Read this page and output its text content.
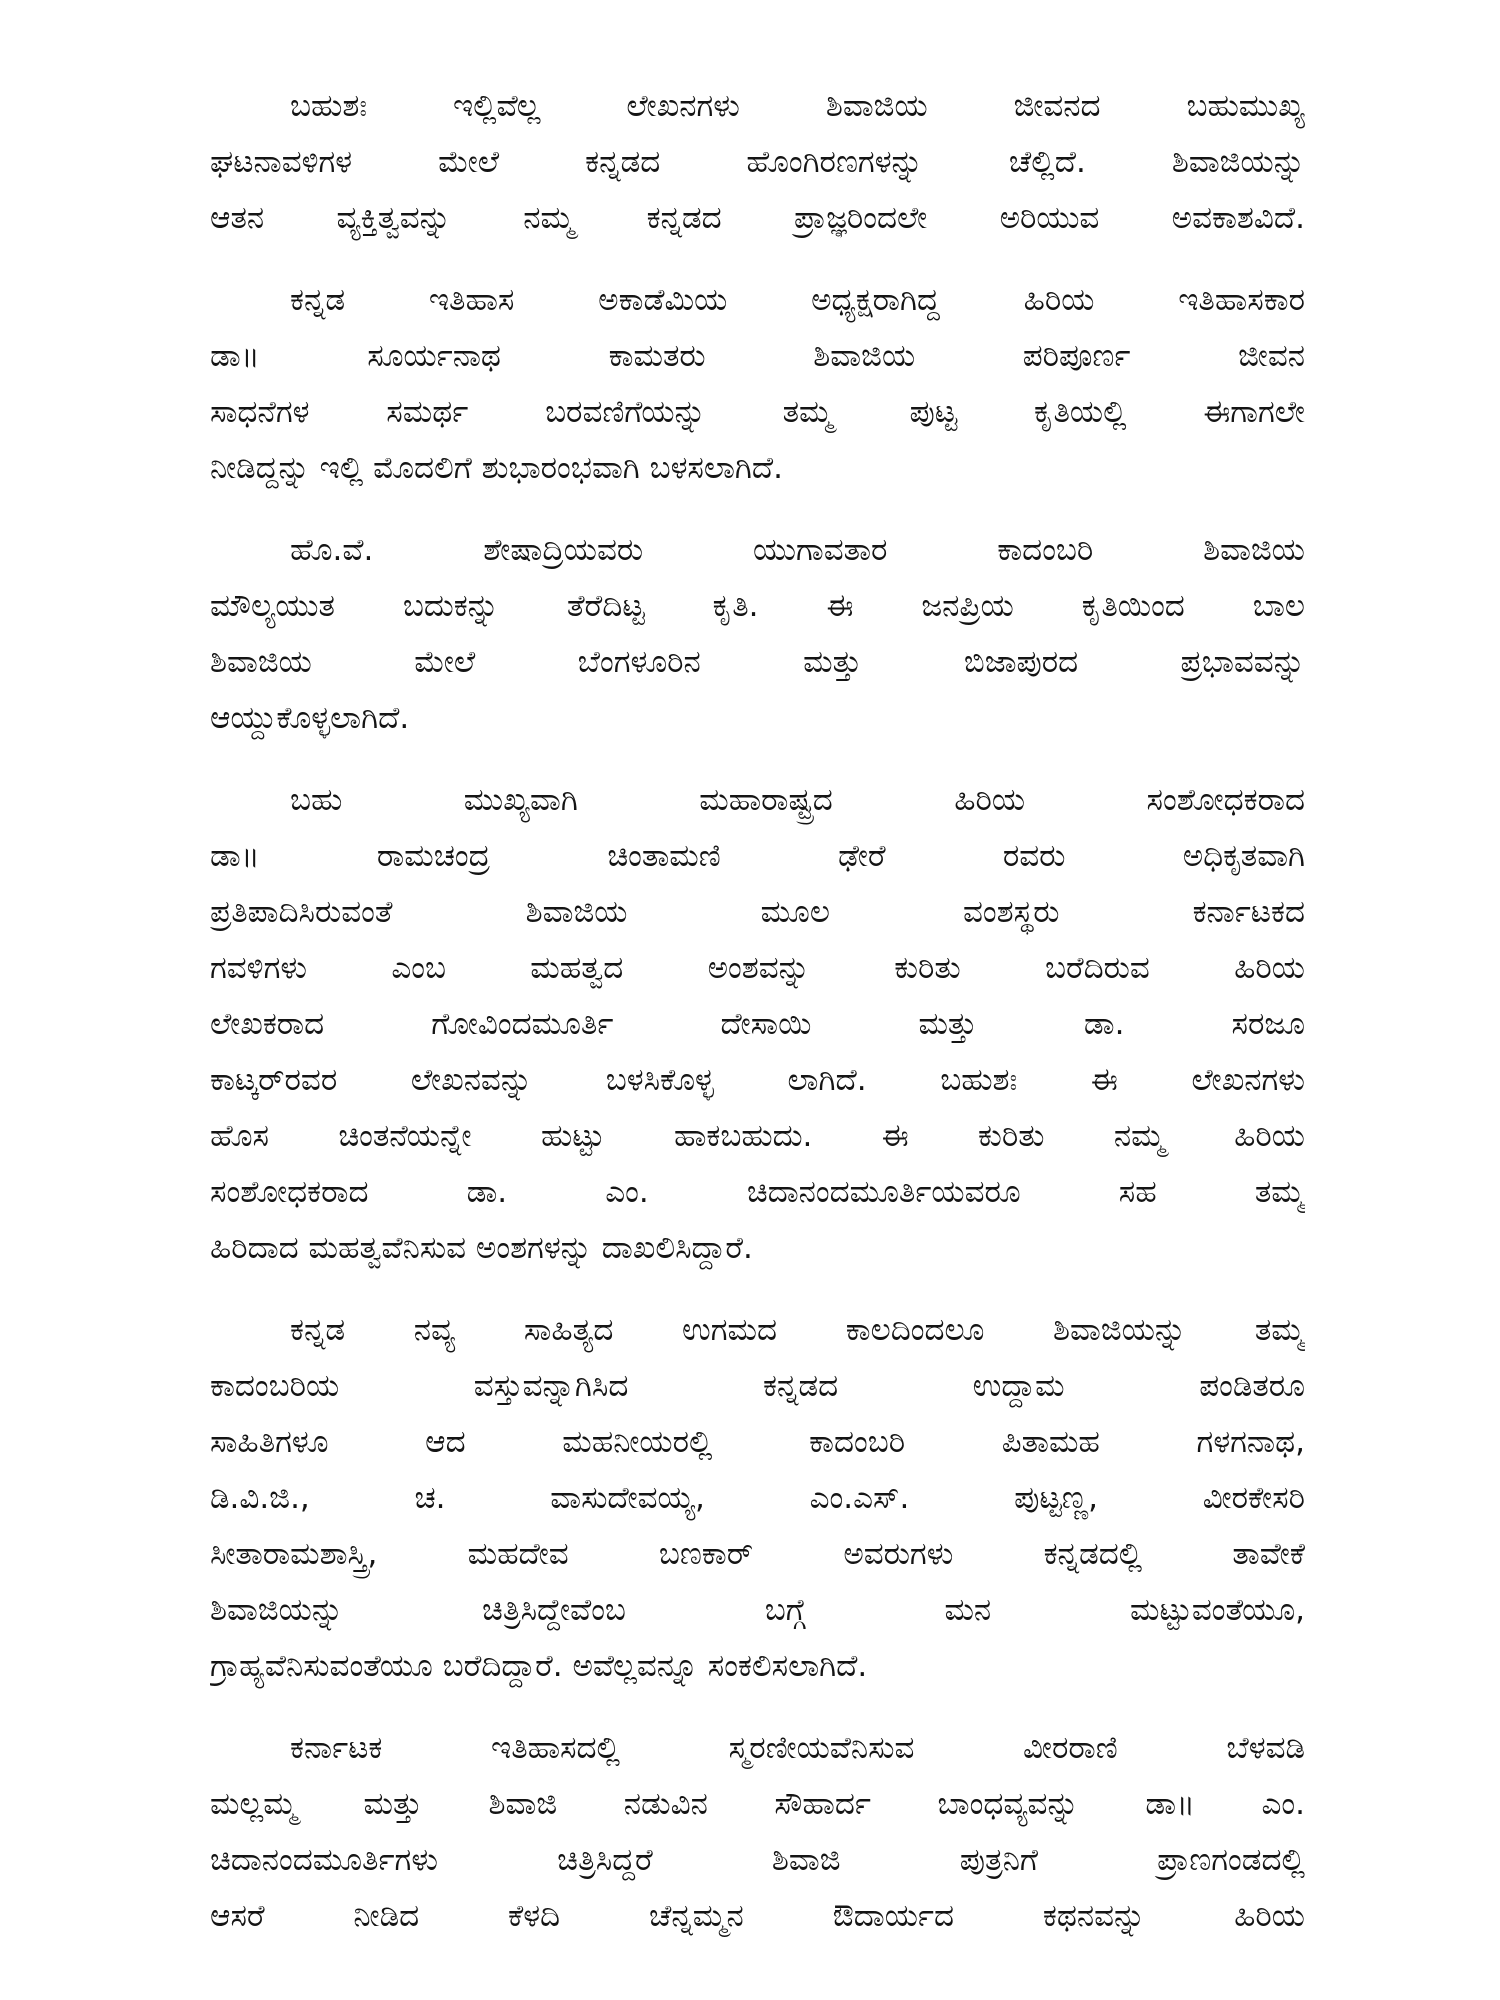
ಬಹುಶಃ ಇಲ್ಲಿವೆಲ್ಲ ಲೇಖನಗಳು ಶಿವಾಜಿಯ ಜೀವನದ ಬಹುಮುಖ್ಯ
ಘಟನಾವಳಿಗಳ ಮೇಲೆ ಕನ್ನಡದ ಹೊಂಗಿರಣಗಳನ್ನು ಚೆಲ್ಲಿದೆ. ಶಿವಾಜಿಯನ್ನು
ಆತನ ವ್ಯಕ್ತಿತ್ವವನ್ನು ನಮ್ಮ ಕನ್ನಡದ ಪ್ರಾಜ್ಞರಿಂದಲೇ ಅರಿಯುವ ಅವಕಾಶವಿದೆ.
ಕನ್ನಡ ಇತಿಹಾಸ ಅಕಾಡೆಮಿಯ ಅಧ್ಯಕ್ಷರಾಗಿದ್ದ ಹಿರಿಯ ಇತಿಹಾಸಕಾರ
ಡಾ॥ ಸೂರ್ಯನಾಥ ಕಾಮತರು ಶಿವಾಜಿಯ ಪರಿಪೂರ್ಣ ಜೀವನ
ಸಾಧನೆಗಳ ಸಮರ್ಥ ಬರವಣಿಗೆಯನ್ನು ತಮ್ಮ ಪುಟ್ಟ ಕೃತಿಯಲ್ಲಿ ಈಗಾಗಲೇ
ನೀಡಿದ್ದನ್ನು ಇಲ್ಲಿ ಮೊದಲಿಗೆ ಶುಭಾರಂಭವಾಗಿ ಬಳಸಲಾಗಿದೆ.
ಹೊ.ವೆ. ಶೇಷಾದ್ರಿಯವರು ಯುಗಾವತಾರ ಕಾದಂಬರಿ ಶಿವಾಜಿಯ
ಮೌಲ್ಯಯುತ ಬದುಕನ್ನು ತೆರೆದಿಟ್ಟ ಕೃತಿ. ಈ ಜನಪ್ರಿಯ ಕೃತಿಯಿಂದ ಬಾಲ
ಶಿವಾಜಿಯ ಮೇಲೆ ಬೆಂಗಳೂರಿನ ಮತ್ತು ಬಿಜಾಪುರದ ಪ್ರಭಾವವನ್ನು
ಆಯ್ದುಕೊಳ್ಳಲಾಗಿದೆ.
ಬಹು ಮುಖ್ಯವಾಗಿ ಮಹಾರಾಷ್ಟ್ರದ ಹಿರಿಯ ಸಂಶೋಧಕರಾದ
ಡಾ॥ ರಾಮಚಂದ್ರ ಚಿಂತಾಮಣಿ ಢೇರೆ ರವರು ಅಧಿಕೃತವಾಗಿ
ಪ್ರತಿಪಾದಿಸಿರುವಂತೆ ಶಿವಾಜಿಯ ಮೂಲ ವಂಶಸ್ಥರು ಕರ್ನಾಟಕದ
ಗವಳಿಗಳು ಎಂಬ ಮಹತ್ವದ ಅಂಶವನ್ನು ಕುರಿತು ಬರೆದಿರುವ ಹಿರಿಯ
ಲೇಖಕರಾದ ಗೋವಿಂದಮೂರ್ತಿ ದೇಸಾಯಿ ಮತ್ತು ಡಾ. ಸರಜೂ
ಕಾಟ್ಕರ್‌ರವರ ಲೇಖನವನ್ನು ಬಳಸಿಕೊಳ್ಳ ಲಾಗಿದೆ. ಬಹುಶಃ ಈ ಲೇಖನಗಳು
ಹೊಸ ಚಿಂತನೆಯನ್ನೇ ಹುಟ್ಟು ಹಾಕಬಹುದು. ಈ ಕುರಿತು ನಮ್ಮ ಹಿರಿಯ
ಸಂಶೋಧಕರಾದ ಡಾ. ಎಂ. ಚಿದಾನಂದಮೂರ್ತಿಯವರೂ ಸಹ ತಮ್ಮ
ಹಿರಿದಾದ ಮಹತ್ವವೆನಿಸುವ ಅಂಶಗಳನ್ನು ದಾಖಲಿಸಿದ್ದಾರೆ.
ಕನ್ನಡ ನವ್ಯ ಸಾಹಿತ್ಯದ ಉಗಮದ ಕಾಲದಿಂದಲೂ ಶಿವಾಜಿಯನ್ನು ತಮ್ಮ
ಕಾದಂಬರಿಯ ವಸ್ತುವನ್ನಾಗಿಸಿದ ಕನ್ನಡದ ಉದ್ದಾಮ ಪಂಡಿತರೂ
ಸಾಹಿತಿಗಳೂ ಆದ ಮಹನೀಯರಲ್ಲಿ ಕಾದಂಬರಿ ಪಿತಾಮಹ ಗಳಗನಾಥ,
ಡಿ.ವಿ.ಜಿ., ಚ. ವಾಸುದೇವಯ್ಯ, ಎಂ.ಎಸ್. ಪುಟ್ಟಣ್ಣ, ವೀರಕೇಸರಿ
ಸೀತಾರಾಮಶಾಸ್ತ್ರಿ, ಮಹದೇವ ಬಣಕಾರ್ ಅವರುಗಳು ಕನ್ನಡದಲ್ಲಿ ತಾವೇಕೆ
ಶಿವಾಜಿಯನ್ನು ಚಿತ್ರಿಸಿದ್ದೇವೆಂಬ ಬಗ್ಗೆ ಮನ ಮಟ್ಟುವಂತೆಯೂ,
ಗ್ರಾಹ್ಯವೆನಿಸುವಂತೆಯೂ ಬರೆದಿದ್ದಾರೆ. ಅವೆಲ್ಲವನ್ನೂ ಸಂಕಲಿಸಲಾಗಿದೆ.
ಕರ್ನಾಟಕ ಇತಿಹಾಸದಲ್ಲಿ ಸ್ಮರಣೀಯವೆನಿಸುವ ವೀರರಾಣಿ ಬೆಳವಡಿ
ಮಲ್ಲಮ್ಮ ಮತ್ತು ಶಿವಾಜಿ ನಡುವಿನ ಸೌಹಾರ್ದ ಬಾಂಧವ್ಯವನ್ನು ಡಾ॥ ಎಂ.
ಚಿದಾನಂದಮೂರ್ತಿಗಳು ಚಿತ್ರಿಸಿದ್ದರೆ ಶಿವಾಜಿ ಪುತ್ರನಿಗೆ ಪ್ರಾಣಗಂಡದಲ್ಲಿ
ಆಸರೆ ನೀಡಿದ ಕೆಳದಿ ಚೆನ್ನಮ್ಮನ ಔದಾರ್ಯದ ಕಥನವನ್ನು ಹಿರಿಯ
